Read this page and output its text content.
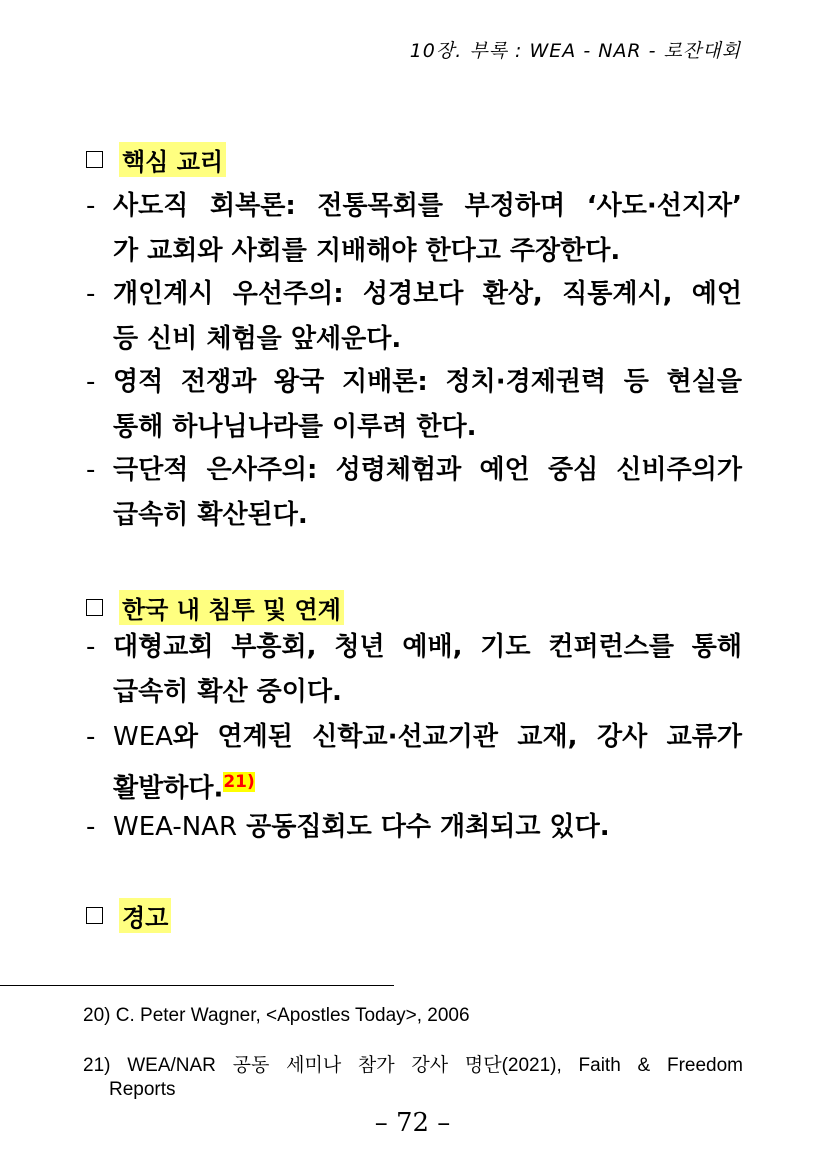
10장. 부록 : WEA - NAR - 로잔대회
핵심 교리
- 사도직 회복론: 전통목회를 부정하며 ‘사도·선지자’
가 교회와 사회를 지배해야 한다고 주장한다.
- 개인계시 우선주의: 성경보다 환상, 직통계시, 예언
등 신비 체험을 앞세운다.
- 영적 전쟁과 왕국 지배론: 정치·경제권력 등 현실을
통해 하나님나라를 이루려 한다.
- 극단적 은사주의: 성령체험과 예언 중심 신비주의가
급속히 확산된다.
한국 내 침투 및 연계
- 대형교회 부흥회, 청년 예배, 기도 컨퍼런스를 통해
급속히 확산 중이다.
- WEA와 연계된 신학교·선교기관 교재, 강사 교류가
활발하다.$^{21)}$
- WEA-NAR 공동집회도 다수 개최되고 있다.
경고
20) C. Peter Wagner, <Apostles Today>, 2006
21) WEA/NAR 공동 세미나 참가 강사 명단(2021), Faith & Freedom
Reports
– 72 –
